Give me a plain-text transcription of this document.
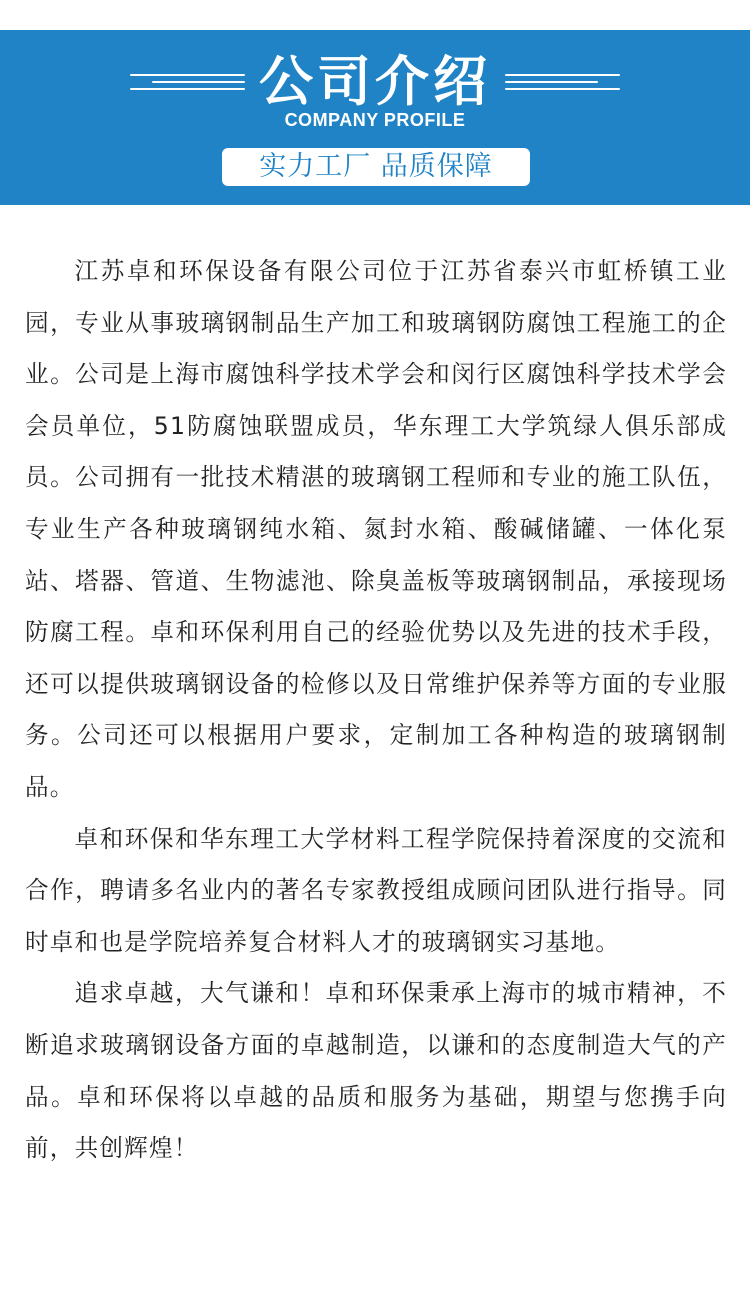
公司介绍
COMPANY PROFILE
实力工厂 品质保障

江苏卓和环保设备有限公司位于江苏省泰兴市虹桥镇工业园，专业从事玻璃钢制品生产加工和玻璃钢防腐蚀工程施工的企业。公司是上海市腐蚀科学技术学会和闵行区腐蚀科学技术学会会员单位，51防腐蚀联盟成员，华东理工大学筑绿人俱乐部成员。公司拥有一批技术精湛的玻璃钢工程师和专业的施工队伍，专业生产各种玻璃钢纯水箱、氮封水箱、酸碱储罐、一体化泵站、塔器、管道、生物滤池、除臭盖板等玻璃钢制品，承接现场防腐工程。卓和环保利用自己的经验优势以及先进的技术手段，还可以提供玻璃钢设备的检修以及日常维护保养等方面的专业服务。公司还可以根据用户要求，定制加工各种构造的玻璃钢制品。

卓和环保和华东理工大学材料工程学院保持着深度的交流和合作，聘请多名业内的著名专家教授组成顾问团队进行指导。同时卓和也是学院培养复合材料人才的玻璃钢实习基地。

追求卓越，大气谦和！卓和环保秉承上海市的城市精神，不断追求玻璃钢设备方面的卓越制造，以谦和的态度制造大气的产品。卓和环保将以卓越的品质和服务为基础，期望与您携手向前，共创辉煌！
